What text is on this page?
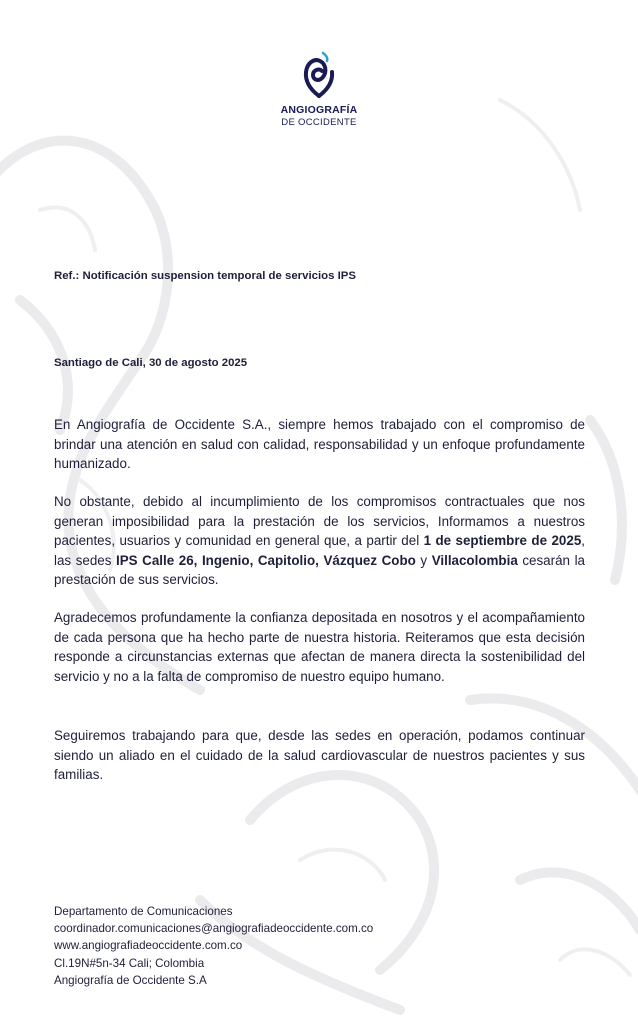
ANGIOGRAFÍA
DE OCCIDENTE
Ref.: Notificación suspension temporal de servicios IPS
Santiago de Cali, 30 de agosto 2025
En Angiografía de Occidente S.A., siempre hemos trabajado con el compromiso de brindar una atención en salud con calidad, responsabilidad y un enfoque profundamente humanizado.
No obstante, debido al incumplimiento de los compromisos contractuales que nos generan imposibilidad para la prestación de los servicios, Informamos a nuestros pacientes, usuarios y comunidad en general que, a partir del 1 de septiembre de 2025, las sedes IPS Calle 26, Ingenio, Capitolio, Vázquez Cobo y Villacolombia cesarán la prestación de sus servicios.
Agradecemos profundamente la confianza depositada en nosotros y el acompañamiento de cada persona que ha hecho parte de nuestra historia. Reiteramos que esta decisión responde a circunstancias externas que afectan de manera directa la sostenibilidad del servicio y no a la falta de compromiso de nuestro equipo humano.
Seguiremos trabajando para que, desde las sedes en operación, podamos continuar siendo un aliado en el cuidado de la salud cardiovascular de nuestros pacientes y sus familias.
Departamento de Comunicaciones
coordinador.comunicaciones@angiografiadeoccidente.com.co
www.angiografiadeoccidente.com.co
Cl.19N#5n-34 Cali; Colombia
Angiografía de Occidente S.A
